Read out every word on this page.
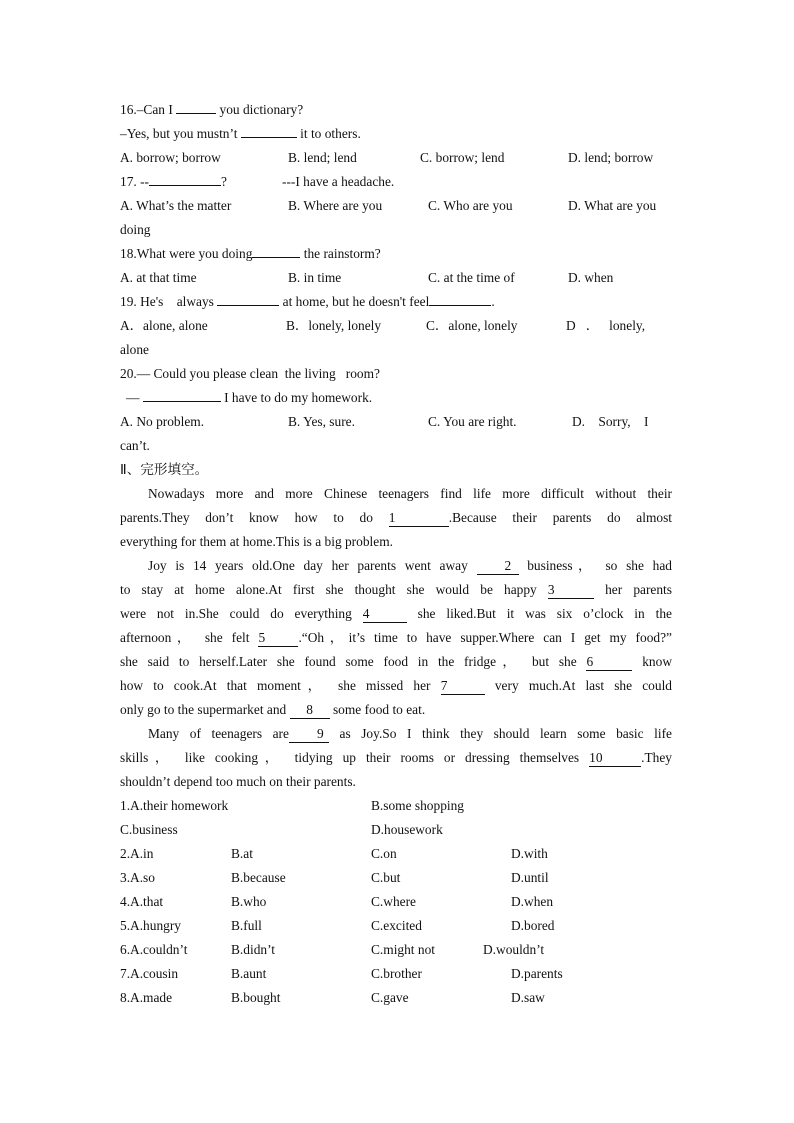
16.–Can I	you dictionary?
–Yes, but you mustn’t	it to others.
A. borrow; borrow	B. lend; lend	C. borrow; lend	D. lend; borrow
17. --	?	---I have a headache.
A. What’s the matter	B. Where are you	C. Who are you	D. What are you
doing
18.What were you doing	the rainstorm?
A. at that time	B. in time	C. at the time of	D. when
19. He's    always	at home, but he doesn't feel	.
A．alone, alone	B．lonely, lonely	C．alone, lonely	D   ．   lonely,
alone
20.— Could you please clean  the living   room?
—	I have to do my homework.
A. No problem.	B. Yes, sure.	C. You are right.	D.    Sorry,    I
can’t.
Ⅱ、完形填空。
Nowadays more and more Chinese teenagers find life more difficult without their
parents.They don’t know how to do 1	.Because their parents do almost
everything for them at home.This is a big problem.
Joy is 14 years old.One day her parents went away	2 business， so she had
to stay at home alone.At first she thought she would be happy 3	her parents
were not in.She could do everything 4	she liked.But it was six o’clock in the
afternoon， she felt 5 .“Oh，it’s time to have supper.Where can I get my food?”
she said to herself.Later she found some food in the fridge， but she 6	know
how to cook.At that moment， she missed her 7	very much.At last she could
only go to the supermarket and 8 some food to eat.
Many of teenagers are 9 as Joy.So I think they should learn some basic life
skills， like cooking， tidying up their rooms or dressing themselves 10	.They
shouldn’t depend too much on their parents.
1.A.their homework	B.some shopping
C.business	D.housework
2.A.in	B.at	C.on	D.with
3.A.so	B.because	C.but	D.until
4.A.that	B.who	C.where	D.when
5.A.hungry	B.full	C.excited	D.bored
6.A.couldn’t	B.didn’t	C.might not	D.wouldn’t
7.A.cousin	B.aunt	C.brother	D.parents
8.A.made	B.bought	C.gave	D.saw
